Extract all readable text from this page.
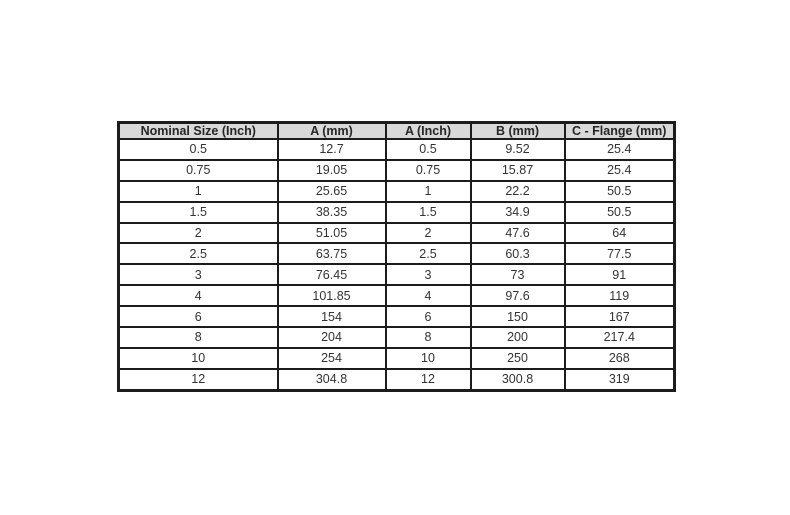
Nominal Size (Inch)	A (mm)	A (Inch)	B (mm)	C - Flange (mm)
0.5	12.7	0.5	9.52	25.4
0.75	19.05	0.75	15.87	25.4
1	25.65	1	22.2	50.5
1.5	38.35	1.5	34.9	50.5
2	51.05	2	47.6	64
2.5	63.75	2.5	60.3	77.5
3	76.45	3	73	91
4	101.85	4	97.6	119
6	154	6	150	167
8	204	8	200	217.4
10	254	10	250	268
12	304.8	12	300.8	319
